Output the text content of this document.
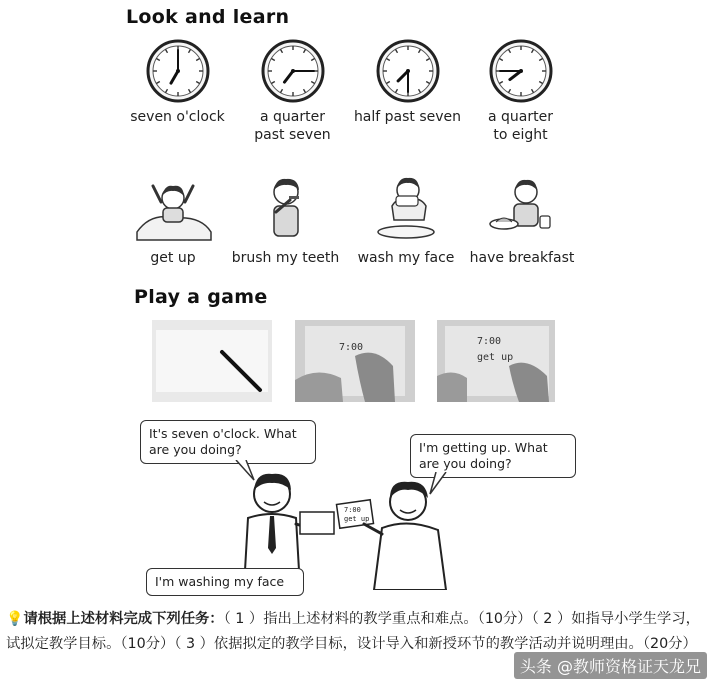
Look and learn
seven o'clock	a quarter
past seven
half past seven	a quarter
to eight
get up	brush my teeth	wash my face	have breakfast
Play a game
7:00
7:00
get up
It's seven o'clock. What are you doing?	I'm getting up. What are you doing?
7:00
get up
I'm washing my face
💡请根据上述材料完成下列任务：（ 1 ）指出上述材料的教学重点和难点。（10分）（ 2 ）如指导小学生学习，试拟定教学目标。（10分）（ 3 ）依据拟定的教学目标，设计导入和新授环节的教学活动并说明理由。（20分）
头条 @教师资格证天龙兄
